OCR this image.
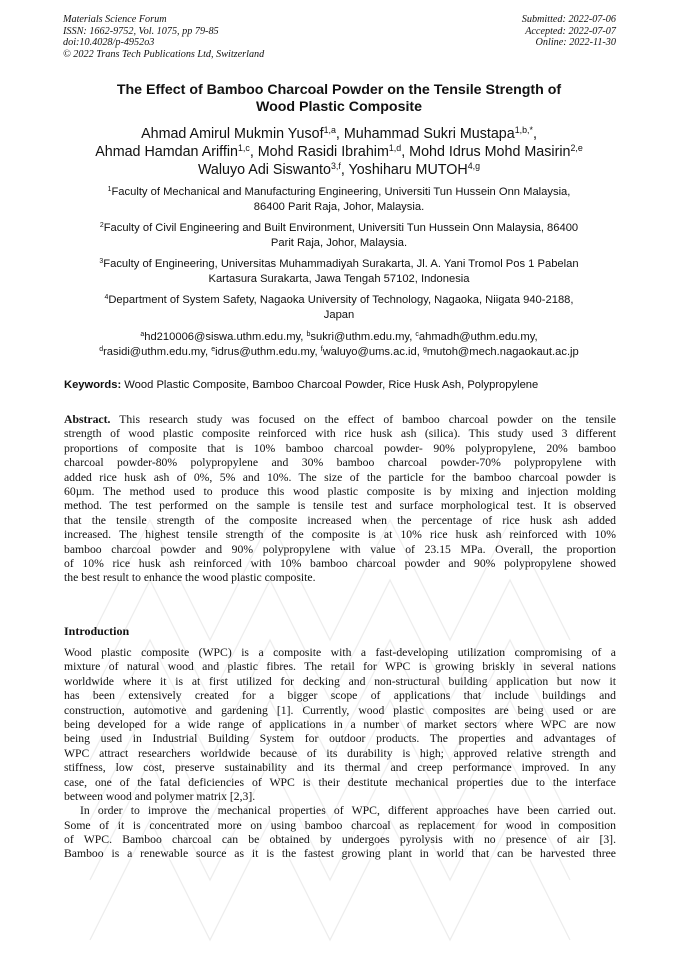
Materials Science Forum
ISSN: 1662-9752, Vol. 1075, pp 79-85
doi:10.4028/p-4952o3
© 2022 Trans Tech Publications Ltd, Switzerland
Submitted: 2022-07-06
Accepted: 2022-07-07
Online: 2022-11-30
The Effect of Bamboo Charcoal Powder on the Tensile Strength of
Wood Plastic Composite
Ahmad Amirul Mukmin Yusof$^{1,a}$, Muhammad Sukri Mustapa$^{1,b,*}$,
Ahmad Hamdan Ariffin$^{1,c}$, Mohd Rasidi Ibrahim$^{1,d}$, Mohd Idrus Mohd Masirin$^{2,e}$
Waluyo Adi Siswanto$^{3,f}$, Yoshiharu MUTOH$^{4,g}$
$^1$Faculty of Mechanical and Manufacturing Engineering, Universiti Tun Hussein Onn Malaysia,
86400 Parit Raja, Johor, Malaysia.
$^2$Faculty of Civil Engineering and Built Environment, Universiti Tun Hussein Onn Malaysia, 86400
Parit Raja, Johor, Malaysia.
$^3$Faculty of Engineering, Universitas Muhammadiyah Surakarta, Jl. A. Yani Tromol Pos 1 Pabelan
Kartasura Surakarta, Jawa Tengah 57102, Indonesia
$^4$Department of System Safety, Nagaoka University of Technology, Nagaoka, Niigata 940-2188,
Japan
$^a$hd210006@siswa.uthm.edu.my, $^b$sukri@uthm.edu.my, $^c$ahmadh@uthm.edu.my,
$^d$rasidi@uthm.edu.my, $^e$idrus@uthm.edu.my, $^f$waluyo@ums.ac.id, $^g$mutoh@mech.nagaokaut.ac.jp
Keywords: Wood Plastic Composite, Bamboo Charcoal Powder, Rice Husk Ash, Polypropylene
Abstract. This research study was focused on the effect of bamboo charcoal powder on the tensile
strength of wood plastic composite reinforced with rice husk ash (silica). This study used 3 different
proportions of composite that is 10% bamboo charcoal powder- 90% polypropylene, 20% bamboo
charcoal powder-80% polypropylene and 30% bamboo charcoal powder-70% polypropylene with
added rice husk ash of 0%, 5% and 10%. The size of the particle for the bamboo charcoal powder is
60µm. The method used to produce this wood plastic composite is by mixing and injection molding
method. The test performed on the sample is tensile test and surface morphological test. It is observed
that the tensile strength of the composite increased when the percentage of rice husk ash added
increased. The highest tensile strength of the composite is at 10% rice husk ash reinforced with 10%
bamboo charcoal powder and 90% polypropylene with value of 23.15 MPa. Overall, the proportion
of 10% rice husk ash reinforced with 10% bamboo charcoal powder and 90% polypropylene showed
the best result to enhance the wood plastic composite.
Introduction
Wood plastic composite (WPC) is a composite with a fast-developing utilization compromising of a
mixture of natural wood and plastic fibres. The retail for WPC is growing briskly in several nations
worldwide where it is at first utilized for decking and non-structural building application but now it
has been extensively created for a bigger scope of applications that include buildings and
construction, automotive and gardening [1]. Currently, wood plastic composites are being used or are
being developed for a wide range of applications in a number of market sectors where WPC are now
being used in Industrial Building System for outdoor products. The properties and advantages of
WPC attract researchers worldwide because of its durability is high; approved relative strength and
stiffness, low cost, preserve sustainability and its thermal and creep performance improved. In any
case, one of the fatal deficiencies of WPC is their destitute mechanical properties due to the interface
between wood and polymer matrix [2,3].
In order to improve the mechanical properties of WPC, different approaches have been carried out.
Some of it is concentrated more on using bamboo charcoal as replacement for wood in composition
of WPC. Bamboo charcoal can be obtained by undergoes pyrolysis with no presence of air [3].
Bamboo is a renewable source as it is the fastest growing plant in world that can be harvested three
